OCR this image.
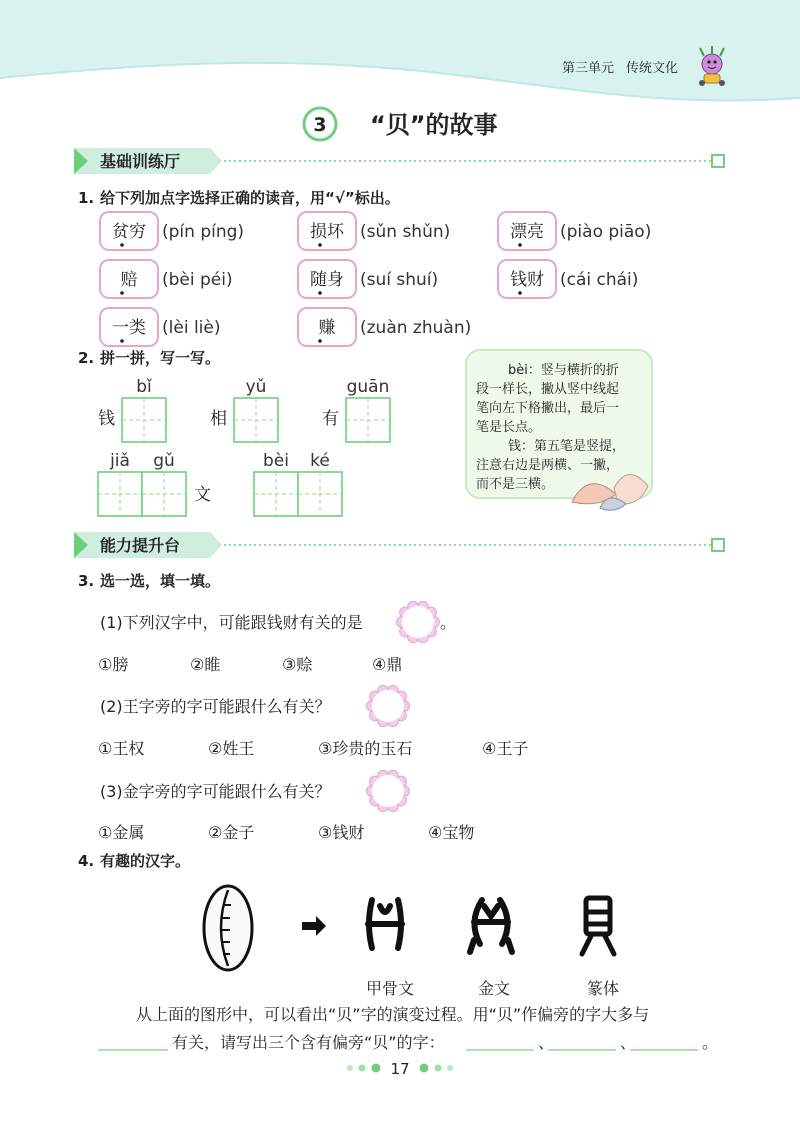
第三单元 传统文化
3 “贝”的故事
基础训练厅
1. 给下列加点字选择正确的读音，用“√”标出。
贫穷 (pín píng)	损坏 (sǔn shǔn)	漂亮 (piào piāo)
赔 (bèi péi)	随身 (suí shuí)	钱财 (cái chái)
一类 (lèi liè)	赚 (zuàn zhuàn)
2. 拼一拼，写一写。
bǐ
钱
yǔ
相
guān
有
jiǎ gǔ
文
bèi ké
bèi：竖与横折的折
段一样长，撇从竖中线起
笔向左下格撇出，最后一
笔是长点。
钱：第五笔是竖提，
注意右边是两横、一撇，
而不是三横。
能力提升台
3. 选一选，填一填。
(1)下列汉字中，可能跟钱财有关的是	。
①膀	②睢	③赊	④鼎
(2)王字旁的字可能跟什么有关？
①王权	②姓王	③珍贵的玉石	④王子
(3)金字旁的字可能跟什么有关？
①金属	②金子	③钱财	④宝物
4. 有趣的汉字。
甲骨文	金文	篆体
从上面的图形中，可以看出“贝”字的演变过程。用“贝”作偏旁的字大多与
有关，请写出三个含有偏旁“贝”的字：	、	、	。
17
